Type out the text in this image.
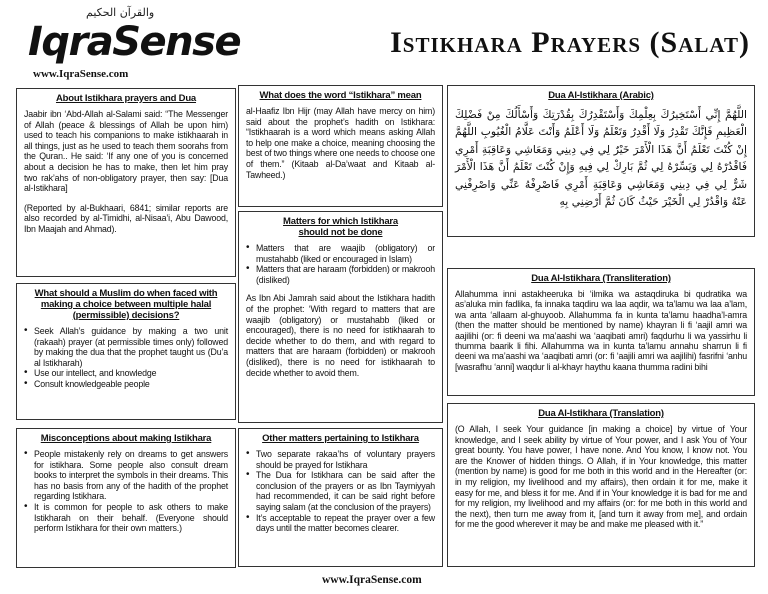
والقرآن الحكيم
IqraSense
www.IqraSense.com
Istikhara Prayers (Salat)
About Istikhara prayers and Dua
Jaabir ibn ‘Abd-Allah al-Salami said: “The Messenger of Allah (peace & blessings of Allah be upon him) used to teach his companions to make istikhaarah in all things, just as he used to teach them soorahs from the Quran.. He said: ‘If any one of you is concerned about a decision he has to make, then let him pray two rak’ahs of non-obligatory prayer, then say: [Dua al-Istikhara]
(Reported by al-Bukhaari, 6841; similar reports are also recorded by al-Timidhi, al-Nisaa’i, Abu Dawood, Ibn Maajah and Ahmad).
What should a Muslim do when faced with making a choice between multiple halal (permissible) decisions?
• Seek Allah’s guidance by making a two unit (rakaah) prayer (at permissible times only) followed by making the dua that the prophet taught us (Du’a al Istikharah)
• Use our intellect, and knowledge
• Consult knowledgeable people
Misconceptions about making Istikhara
• People mistakenly rely on dreams to get answers for istikhara. Some people also consult dream books to interpret the symbols in their dreams. This has no basis from any of the hadith of the prophet regarding Istikhara.
• It is common for people to ask others to make Istikharah on their behalf. (Everyone should perform Istikhara for their own matters.)
What does the word “Istikhara” mean
al-Haafiz Ibn Hijr (may Allah have mercy on him) said about the prophet’s hadith on Istikhara: “Istikhaarah is a word which means asking Allah to help one make a choice, meaning choosing the best of two things where one needs to choose one of them.” (Kitaab al-Da’waat and Kitaab al-Tawheed.)
Matters for which Istikhara should not be done
• Matters that are waajib (obligatory) or mustahabb (liked or encouraged in Islam)
• Matters that are haraam (forbidden) or makrooh (disliked)
As Ibn Abi Jamrah said about the Istikhara hadith of the prophet: ‘With regard to matters that are waajib (obligatory) or mustahabb (liked or encouraged), there is no need for istikhaarah to decide whether to do them, and with regard to matters that are haraam (forbidden) or makrooh (disliked), there is no need for istikhaarah to decide whether to avoid them.
Other matters pertaining to Istikhara
• Two separate rakaa’hs of voluntary prayers should be prayed for Istikhara
• The Dua for Istikhara can be said after the conclusion of the prayers or as Ibn Taymiyyah had recommended, it can be said right before saying salam (at the conclusion of the prayers)
• It’s acceptable to repeat the prayer over a few days until the matter becomes clearer.
Dua Al-Istikhara (Arabic)
اللَّهُمَّ إِنِّي أَسْتَخِيرُكَ بِعِلْمِكَ وَأَسْتَقْدِرُكَ بِقُدْرَتِكَ وَأَسْأَلُكَ مِنْ فَضْلِكَ الْعَظِيمِ فَإِنَّكَ تَقْدِرُ وَلَا أَقْدِرُ وَتَعْلَمُ وَلَا أَعْلَمُ وَأَنْتَ عَلَّامُ الْغُيُوبِ اللَّهُمَّ إِنْ كُنْتَ تَعْلَمُ أَنَّ هَذَا الْأَمْرَ خَيْرٌ لِي فِي دِينِي وَمَعَاشِي وَعَاقِبَةِ أَمْرِي فَاقْدُرْهُ لِي وَيَسِّرْهُ لِي ثُمَّ بَارِكْ لِي فِيهِ وَإِنْ كُنْتَ تَعْلَمُ أَنَّ هَذَا الْأَمْرَ شَرٌّ لِي فِي دِينِي وَمَعَاشِي وَعَاقِبَةِ أَمْرِي فَاصْرِفْهُ عَنِّي وَاصْرِفْنِي عَنْهُ وَاقْدُرْ لِي الْخَيْرَ حَيْثُ كَانَ ثُمَّ أَرْضِنِي بِهِ
Dua Al-Istikhara (Transliteration)
Allahumma inni astakheeruka bi ‘ilmika wa astaqdiruka bi qudratika wa as’aluka min fadlika, fa innaka taqdiru wa laa aqdir, wa ta’lamu wa laa a’lam, wa anta ‘allaam al-ghuyoob. Allahumma fa in kunta ta’lamu haadha’l-amra (then the matter should be mentioned by name) khayran li fi ‘aajil amri wa aajilihi (or: fi deeni wa ma’aashi wa ‘aaqibati amri) faqdurhu li wa yassirhu li thumma baarik li fihi. Allahumma wa in kunta ta’lamu annahu sharrun li fi deeni wa ma’aashi wa ‘aaqibati amri (or: fi ‘aajili amri wa aajilihi) fasrifni ‘anhu [wasrafhu ‘anni] waqdur li al-khayr haythu kaana thumma radini bihi
Dua Al-Istikhara (Translation)
(O Allah, I seek Your guidance [in making a choice] by virtue of Your knowledge, and I seek ability by virtue of Your power, and I ask You of Your great bounty. You have power, I have none. And You know, I know not. You are the Knower of hidden things. O Allah, if in Your knowledge, this matter (mention by name) is good for me both in this world and in the Hereafter (or: in my religion, my livelihood and my affairs), then ordain it for me, make it easy for me, and bless it for me. And if in Your knowledge it is bad for me and for my religion, my livelihood and my affairs (or: for me both in this world and the next), then turn me away from it, [and turn it away from me], and ordain for me the good wherever it may be and make me pleased with it.”
www.IqraSense.com
